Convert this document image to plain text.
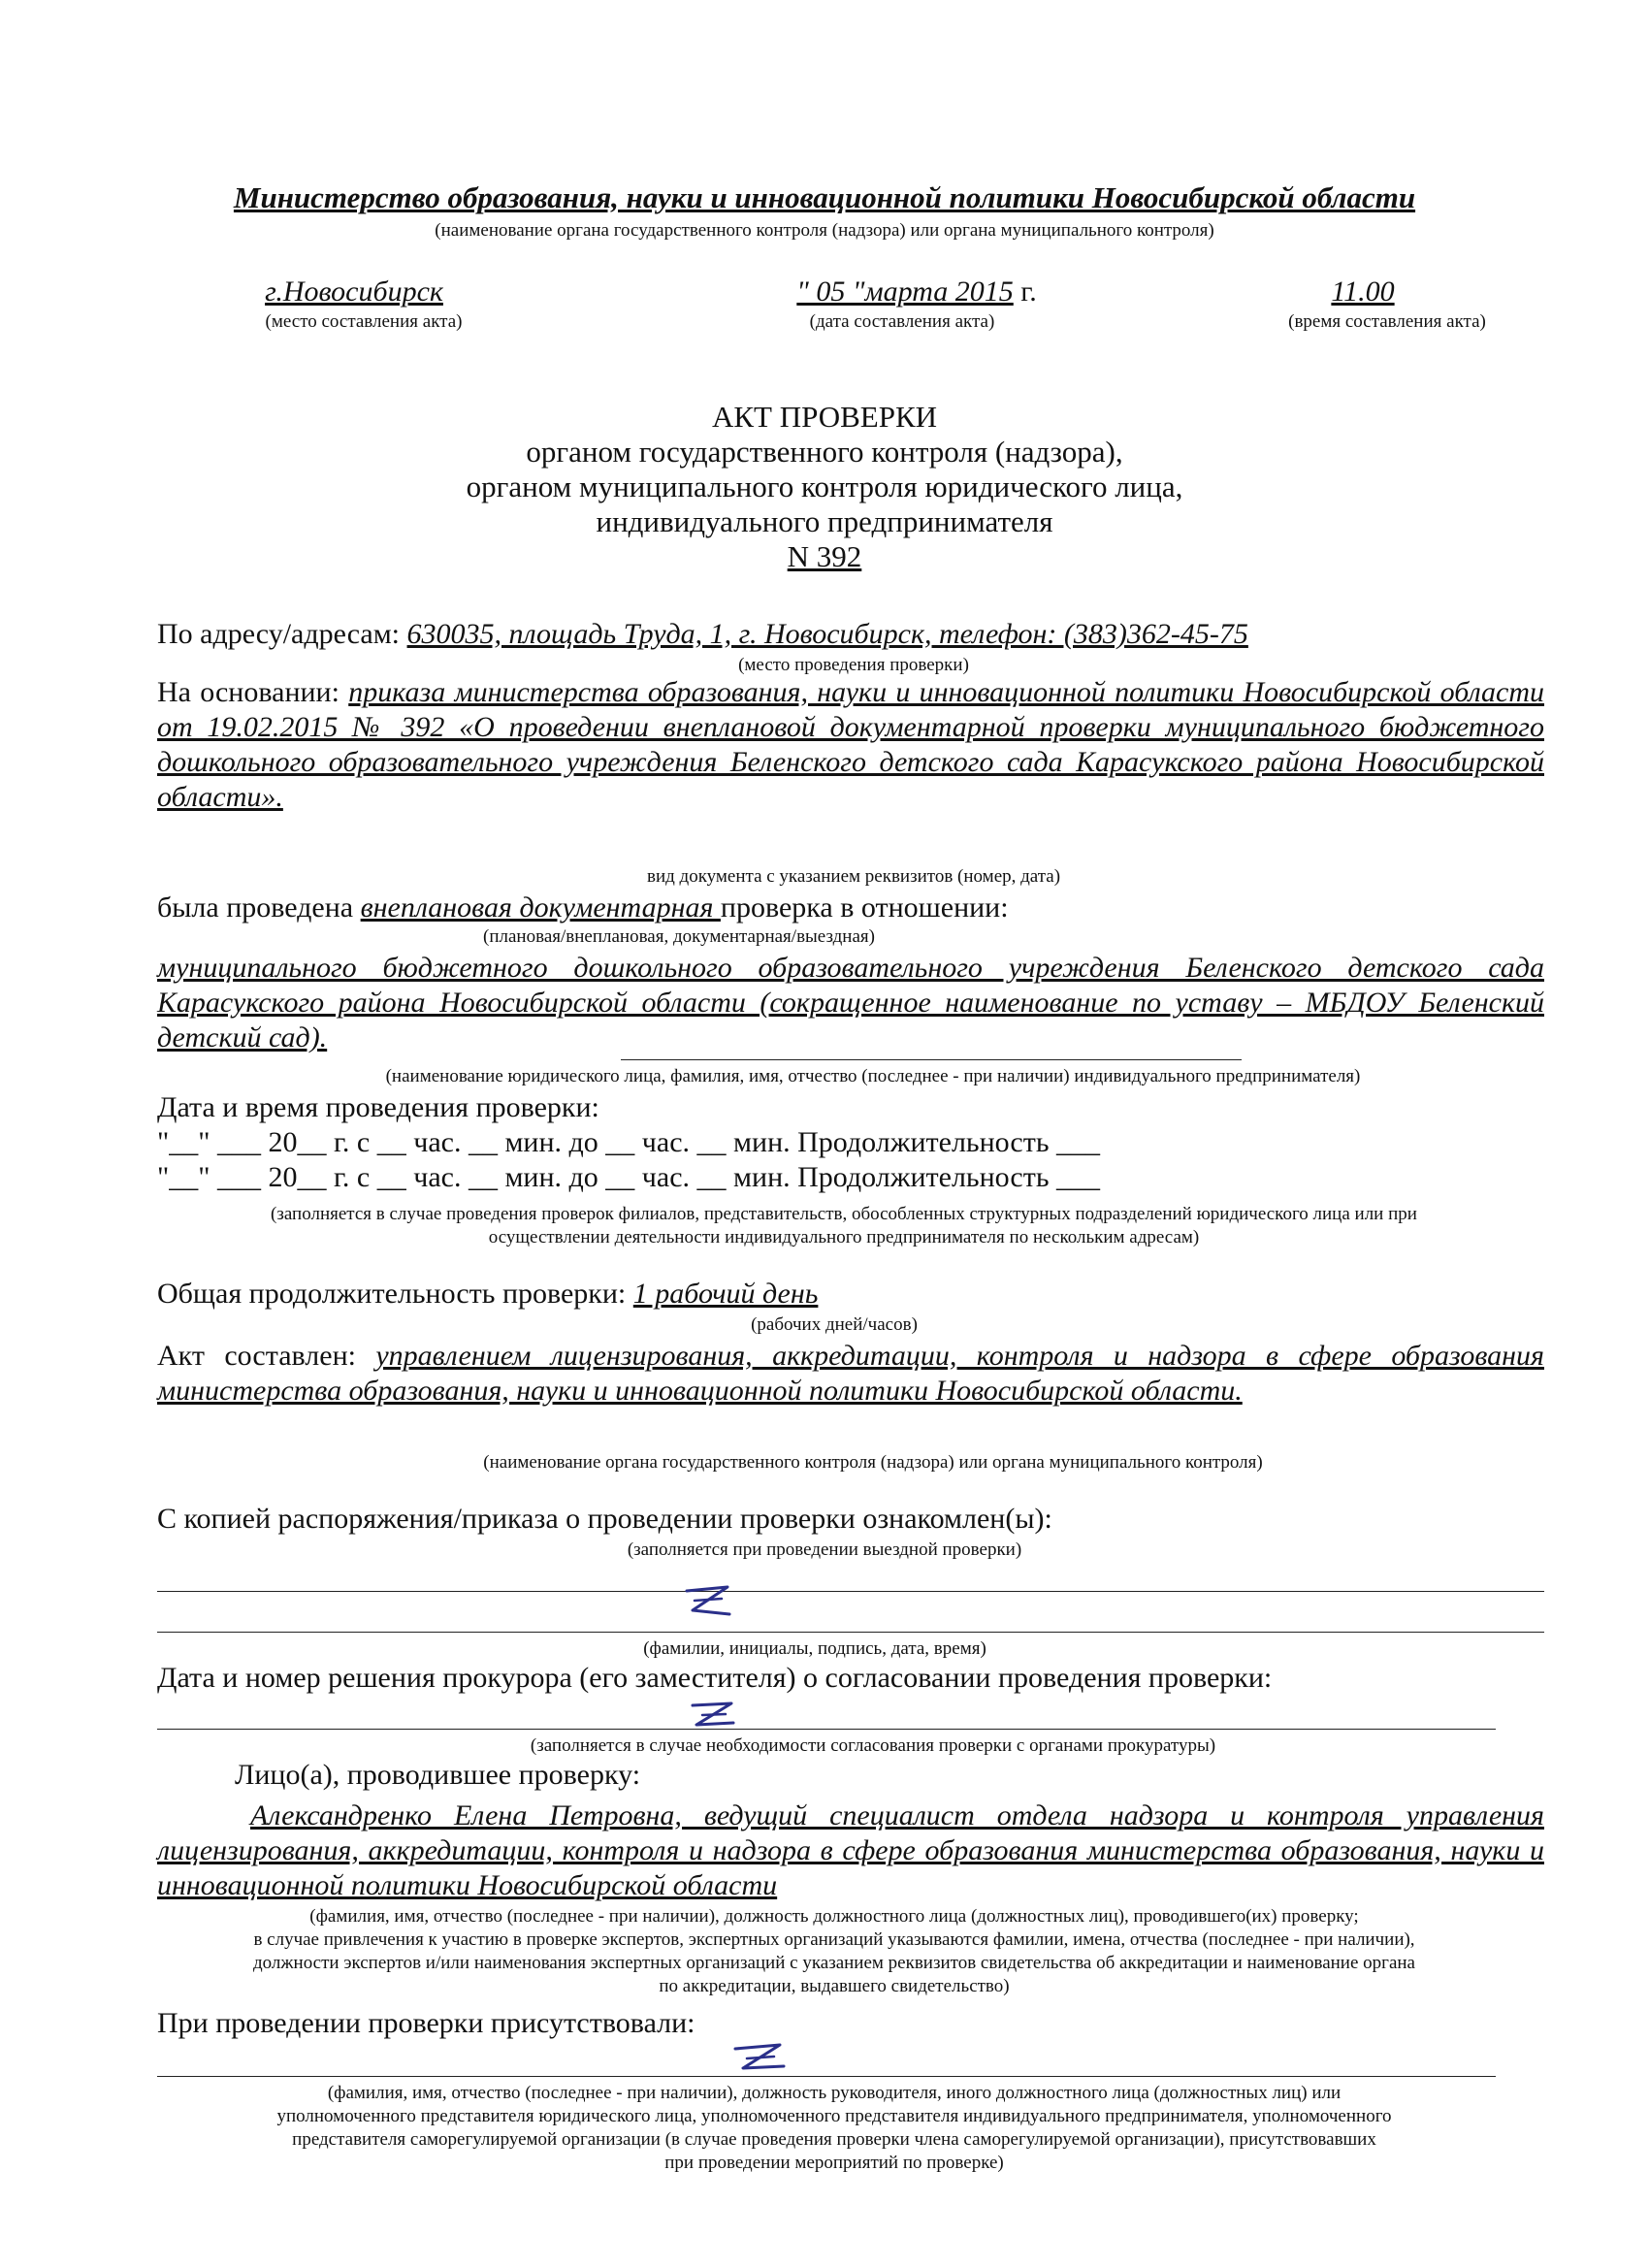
Министерство образования, науки и инновационной политики Новосибирской области
(наименование органа государственного контроля (надзора) или органа муниципального контроля)
г.Новосибирск
(место составления акта)
" 05 "марта 2015 г.
(дата составления акта)
11.00
(время составления акта)
АКТ ПРОВЕРКИ
органом государственного контроля (надзора),
органом муниципального контроля юридического лица,
индивидуального предпринимателя
N 392
По адресу/адресам: 630035, площадь Труда, 1, г. Новосибирск, телефон: (383)362-45-75
(место проведения проверки)
На основании: приказа министерства образования, науки и инновационной политики Новосибирской области от 19.02.2015 № 392 «О проведении внеплановой документарной проверки муниципального бюджетного дошкольного образовательного учреждения Беленского детского сада Карасукского района Новосибирской области».
вид документа с указанием реквизитов (номер, дата)
была проведена внеплановая документарная проверка в отношении:
(плановая/внеплановая, документарная/выездная)
муниципального бюджетного дошкольного образовательного учреждения Беленского детского сада Карасукского района Новосибирской области (сокращенное наименование по уставу – МБДОУ Беленский детский сад).
(наименование юридического лица, фамилия, имя, отчество (последнее - при наличии) индивидуального предпринимателя)
Дата и время проведения проверки:
"__" ___ 20__ г. с __ час. __ мин. до __ час. __ мин. Продолжительность ___
"__" ___ 20__ г. с __ час. __ мин. до __ час. __ мин. Продолжительность ___
(заполняется в случае проведения проверок филиалов, представительств, обособленных структурных подразделений юридического лица или при
осуществлении деятельности индивидуального предпринимателя по нескольким адресам)
Общая продолжительность проверки: 1 рабочий день
(рабочих дней/часов)
Акт составлен: управлением лицензирования, аккредитации, контроля и надзора в сфере образования министерства образования, науки и инновационной политики Новосибирской области.
(наименование органа государственного контроля (надзора) или органа муниципального контроля)
С копией распоряжения/приказа о проведении проверки ознакомлен(ы):
(заполняется при проведении выездной проверки)
(фамилии, инициалы, подпись, дата, время)
Дата и номер решения прокурора (его заместителя) о согласовании проведения проверки:
(заполняется в случае необходимости согласования проверки с органами прокуратуры)
Лицо(а), проводившее проверку:
Александренко Елена Петровна, ведущий специалист отдела надзора и контроля управления лицензирования, аккредитации, контроля и надзора в сфере образования министерства образования, науки и инновационной политики Новосибирской области
(фамилия, имя, отчество (последнее - при наличии), должность должностного лица (должностных лиц), проводившего(их) проверку;
в случае привлечения к участию в проверке экспертов, экспертных организаций указываются фамилии, имена, отчества (последнее - при наличии),
должности экспертов и/или наименования экспертных организаций с указанием реквизитов свидетельства об аккредитации и наименование органа
по аккредитации, выдавшего свидетельство)
При проведении проверки присутствовали:
(фамилия, имя, отчество (последнее - при наличии), должность руководителя, иного должностного лица (должностных лиц) или
уполномоченного представителя юридического лица, уполномоченного представителя индивидуального предпринимателя, уполномоченного
представителя саморегулируемой организации (в случае проведения проверки члена саморегулируемой организации), присутствовавших
при проведении мероприятий по проверке)
